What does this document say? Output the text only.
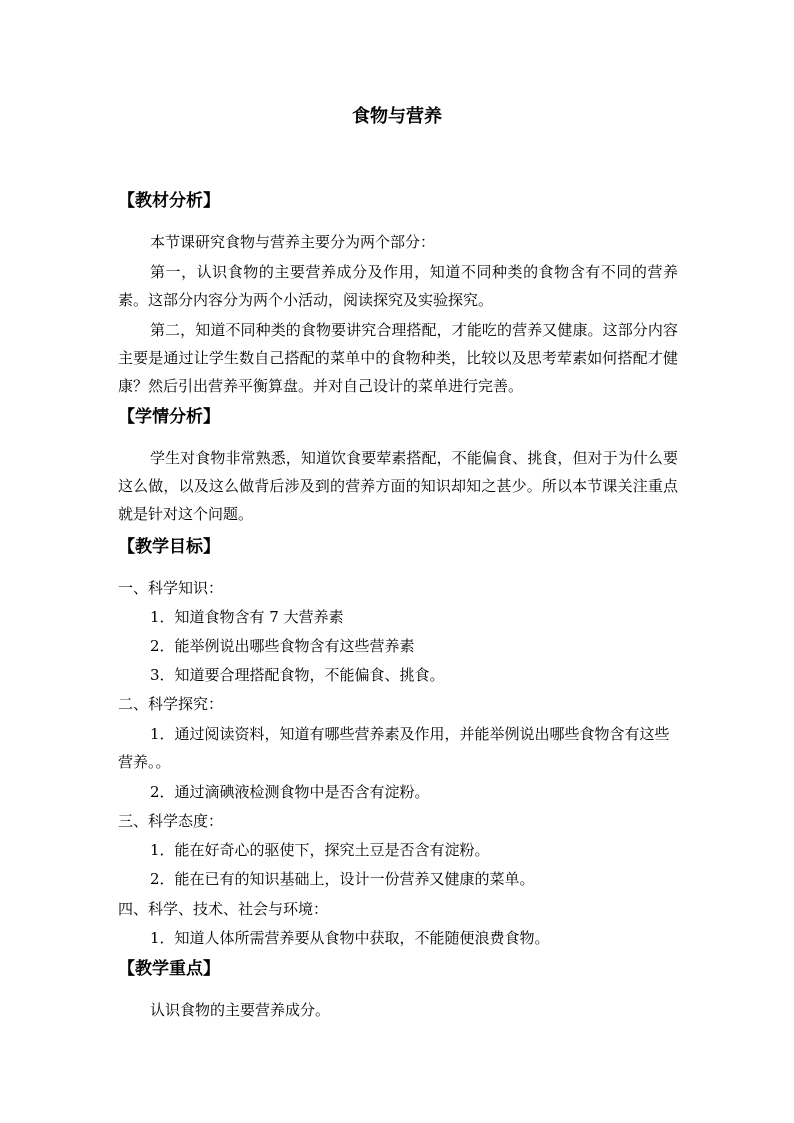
食物与营养
【教材分析】
本节课研究食物与营养主要分为两个部分：
第一，认识食物的主要营养成分及作用，知道不同种类的食物含有不同的营养素。这部分内容分为两个小活动，阅读探究及实验探究。
第二，知道不同种类的食物要讲究合理搭配，才能吃的营养又健康。这部分内容主要是通过让学生数自己搭配的菜单中的食物种类，比较以及思考荤素如何搭配才健康？然后引出营养平衡算盘。并对自己设计的菜单进行完善。
【学情分析】
学生对食物非常熟悉，知道饮食要荤素搭配，不能偏食、挑食，但对于为什么要这么做，以及这么做背后涉及到的营养方面的知识却知之甚少。所以本节课关注重点就是针对这个问题。
【教学目标】
一、科学知识：
1．知道食物含有 7 大营养素
2．能举例说出哪些食物含有这些营养素
3．知道要合理搭配食物，不能偏食、挑食。
二、科学探究：
1．通过阅读资料，知道有哪些营养素及作用，并能举例说出哪些食物含有这些营养。。
2．通过滴碘液检测食物中是否含有淀粉。
三、科学态度：
1．能在好奇心的驱使下，探究土豆是否含有淀粉。
2．能在已有的知识基础上，设计一份营养又健康的菜单。
四、科学、技术、社会与环境：
1．知道人体所需营养要从食物中获取，不能随便浪费食物。
【教学重点】
认识食物的主要营养成分。
